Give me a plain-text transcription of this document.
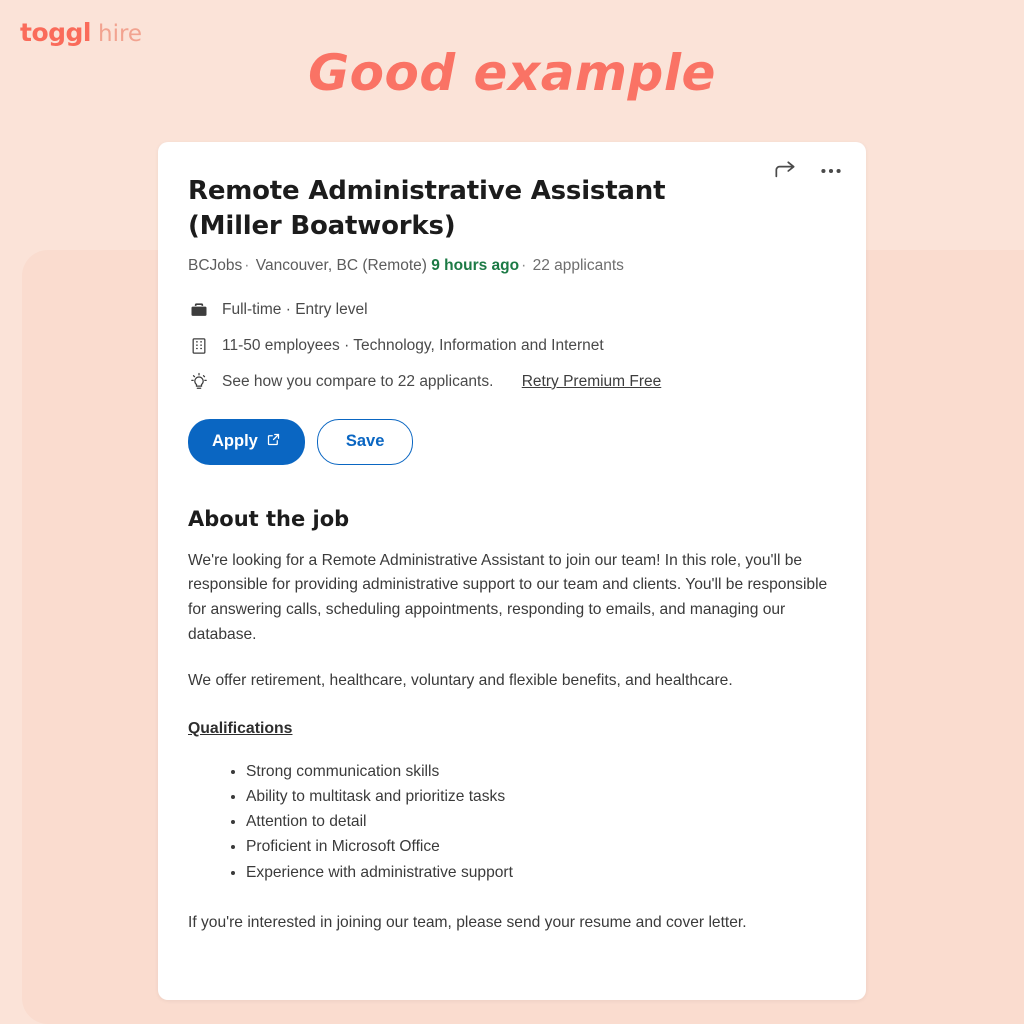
toggl hire
Good example
Remote Administrative Assistant (Miller Boatworks)
BCJobs · Vancouver, BC (Remote) 9 hours ago · 22 applicants
Full-time · Entry level
11-50 employees · Technology, Information and Internet
See how you compare to 22 applicants.
Retry Premium Free
Apply	Save
About the job

We're looking for a Remote Administrative Assistant to join our team! In this role, you'll be responsible for providing administrative support to our team and clients. You'll be responsible for answering calls, scheduling appointments, responding to emails, and managing our database.

We offer retirement, healthcare, voluntary and flexible benefits, and healthcare.

Qualifications
• Strong communication skills
• Ability to multitask and prioritize tasks
• Attention to detail
• Proficient in Microsoft Office
• Experience with administrative support

If you're interested in joining our team, please send your resume and cover letter.
